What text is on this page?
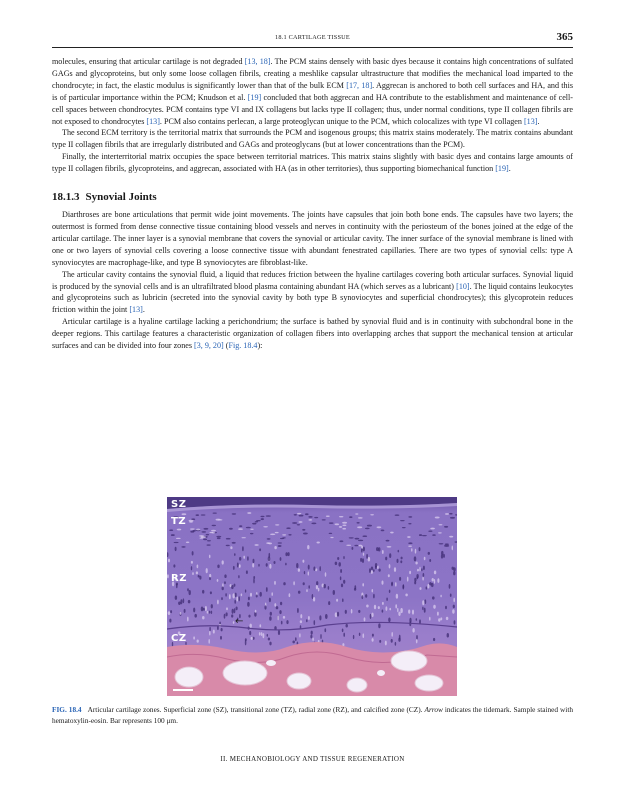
18.1 CARTILAGE TISSUE	365

molecules, ensuring that articular cartilage is not degraded [13, 18]. The PCM stains densely with basic dyes because it contains high concentrations of sulfated GAGs and glycoproteins, but only some loose collagen fibrils, creating a meshlike capsular ultrastructure that modifies the mechanical load imparted to the chondrocyte; in fact, the elastic modulus is significantly lower than that of the bulk ECM [17, 18]. Aggrecan is anchored to both cell surfaces and HA, and this is of particular importance within the PCM; Knudson et al. [19] concluded that both aggrecan and HA contribute to the establishment and maintenance of cell-cell spaces between chondrocytes. PCM contains type VI and IX collagens but lacks type II collagen; thus, under normal conditions, type II collagen fibrils are not exposed to chondrocytes [13]. PCM also contains perlecan, a large proteoglycan unique to the PCM, which colocalizes with type VI collagen [13].

The second ECM territory is the territorial matrix that surrounds the PCM and isogenous groups; this matrix stains moderately. The matrix contains abundant type II collagen fibrils that are irregularly distributed and GAGs and proteoglycans (but at lower concentrations than the PCM).

Finally, the interterritorial matrix occupies the space between territorial matrices. This matrix stains slightly with basic dyes and contains large amounts of type II collagen fibrils, glycoproteins, and aggrecan, associated with HA (as in other territories), thus supporting biomechanical function [19].

18.1.3 Synovial Joints

Diarthroses are bone articulations that permit wide joint movements. The joints have capsules that join both bone ends. The capsules have two layers; the outermost is formed from dense connective tissue containing blood vessels and nerves in continuity with the periosteum of the bones joined at the edge of the articular cartilage. The inner layer is a synovial membrane that covers the synovial or articular cavity. The inner surface of the synovial membrane is lined with one or two layers of synovial cells covering a loose connective tissue with abundant fenestrated capillaries. There are two types of synovial cells: type A synoviocytes are macrophage-like, and type B synoviocytes are fibroblast-like.

The articular cavity contains the synovial fluid, a liquid that reduces friction between the hyaline cartilages covering both articular surfaces. Synovial liquid is produced by the synovial cells and is an ultrafiltrated blood plasma containing abundant HA (which serves as a lubricant) [10]. The liquid contains leukocytes and glycoproteins such as lubricin (secreted into the synovial cavity by both type B synoviocytes and superficial chondrocytes); this glycoprotein reduces friction within the joint [13].

Articular cartilage is a hyaline cartilage lacking a perichondrium; the surface is bathed by synovial fluid and is in continuity with subchondral bone in the deeper regions. This cartilage features a characteristic organization of collagen fibers into overlapping arches that support the mechanical tension at articular surfaces and can be divided into four zones [3, 9, 20] (Fig. 18.4):

←
SZ
TZ
RZ
CZ

FIG. 18.4 Articular cartilage zones. Superficial zone (SZ), transitional zone (TZ), radial zone (RZ), and calcified zone (CZ). Arrow indicates the tidemark. Sample stained with hematoxylin-eosin. Bar represents 100 μm.

II. MECHANOBIOLOGY AND TISSUE REGENERATION
